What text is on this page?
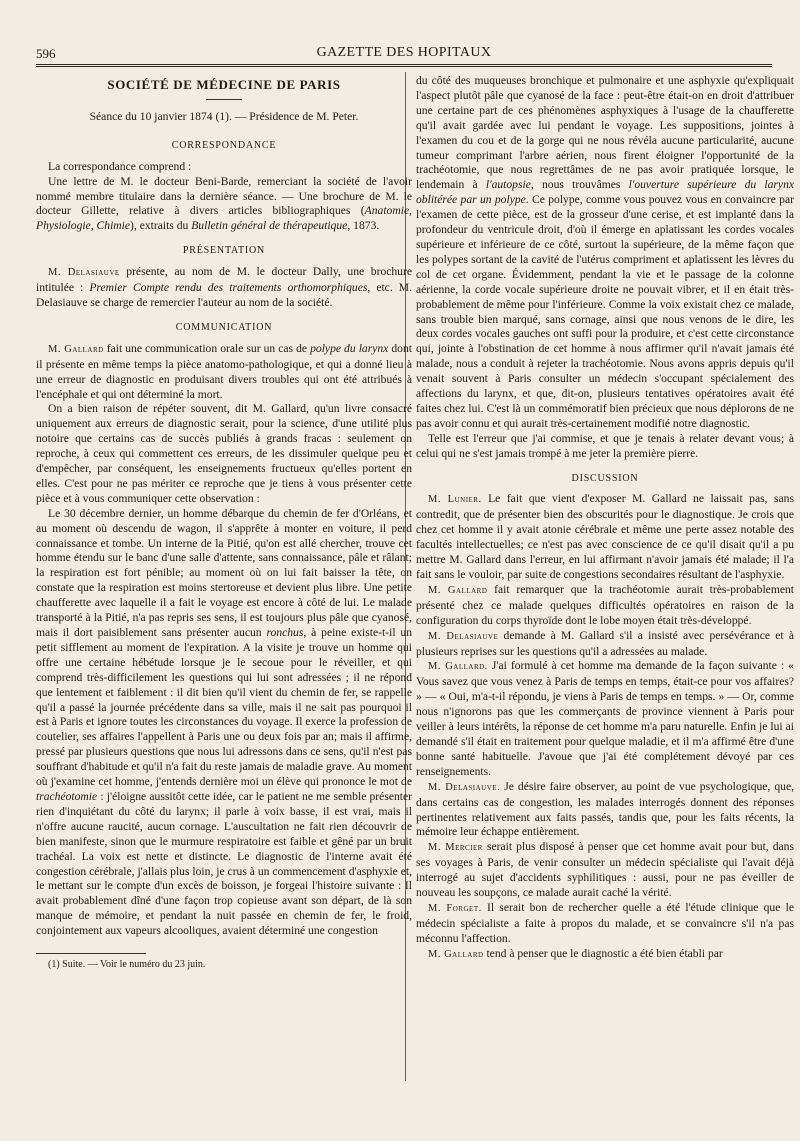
596	GAZETTE DES HOPITAUX
SOCIÉTÉ DE MÉDECINE DE PARIS
Séance du 10 janvier 1874 (1). — Présidence de M. Peter.
CORRESPONDANCE

La correspondance comprend :

Une lettre de M. le docteur Beni-Barde, remerciant la société de l'avoir nommé membre titulaire dans la dernière séance. — Une brochure de M. le docteur Gillette, relative à divers articles bibliographiques (Anatomie, Physiologie, Chimie), extraits du Bulletin général de thérapeutique, 1873.

PRÉSENTATION

M. Delasiauve présente, au nom de M. le docteur Dally, une brochure intitulée : Premier Compte rendu des traitements orthomorphiques, etc. M. Delasiauve se charge de remercier l'auteur au nom de la société.

COMMUNICATION

M. Gallard fait une communication orale sur un cas de polype du larynx dont il présente en même temps la pièce anatomo-pathologique, et qui a donné lieu à une erreur de diagnostic en produisant divers troubles qui ont été attribués à l'encéphale et qui ont déterminé la mort.

On a bien raison de répéter souvent, dit M. Gallard, qu'un livre consacré uniquement aux erreurs de diagnostic serait, pour la science, d'une utilité plus notoire que certains cas de succès publiés à grands fracas : seulement on reproche, à ceux qui commettent ces erreurs, de les dissimuler quelque peu et d'empêcher, par conséquent, les enseignements fructueux qu'elles portent en elles. C'est pour ne pas mériter ce reproche que je tiens à vous présenter cette pièce et à vous communiquer cette observation :

Le 30 décembre dernier, un homme débarque du chemin de fer d'Orléans, et au moment où descendu de wagon, il s'apprête à monter en voiture, il perd connaissance et tombe. Un interne de la Pitié, qu'on est allé chercher, trouve cet homme étendu sur le banc d'une salle d'attente, sans connaissance, pâle et râlant; la respiration est fort pénible; au moment où on lui fait baisser la tête, on constate que la respiration est moins stertoreuse et devient plus libre. Une petite chaufferette avec laquelle il a fait le voyage est encore à côté de lui. Le malade transporté à la Pitié, n'a pas repris ses sens, il est toujours plus pâle que cyanosé, mais il dort paisiblement sans présenter aucun ronchus, à peine existe-t-il un petit sifflement au moment de l'expiration. A la visite je trouve un homme qui offre une certaine hébétude lorsque je le secoue pour le réveiller, et qui comprend très-difficilement les questions qui lui sont adressées ; il ne répond que lentement et faiblement : il dit bien qu'il vient du chemin de fer, se rappelle qu'il a passé la journée précédente dans sa ville, mais il ne sait pas pourquoi il est à Paris et ignore toutes les circonstances du voyage. Il exerce la profession de coutelier, ses affaires l'appellent à Paris une ou deux fois par an; mais il affirme, pressé par plusieurs questions que nous lui adressons dans ce sens, qu'il n'est pas souffrant d'habitude et qu'il n'a fait du reste jamais de maladie grave. Au moment où j'examine cet homme, j'entends dernière moi un élève qui prononce le mot de trachéotomie : j'éloigne aussitôt cette idée, car le patient ne me semble présenter rien d'inquiétant du côté du larynx; il parle à voix basse, il est vrai, mais il n'offre aucune raucité, aucun cornage. L'auscultation ne fait rien découvrir de bien manifeste, sinon que le murmure respiratoire est faible et gêné par un bruit trachéal. La voix est nette et distincte. Le diagnostic de l'interne avait été congestion cérébrale, j'allais plus loin, je crus à un commencement d'asphyxie et, le mettant sur le compte d'un excès de boisson, je forgeai l'histoire suivante : Il avait probablement dîné d'une façon trop copieuse avant son départ, de là son manque de mémoire, et pendant la nuit passée en chemin de fer, le froid, conjointement aux vapeurs alcooliques, avaient déterminé une congestion

(1) Suite. — Voir le numéro du 23 juin.

du côté des muqueuses bronchique et pulmonaire et une asphyxie qu'expliquait l'aspect plutôt pâle que cyanosé de la face : peut-être était-on en droit d'attribuer une certaine part de ces phénomènes asphyxiques à l'usage de la chaufferette qu'il avait gardée avec lui pendant le voyage. Les suppositions, jointes à l'examen du cou et de la gorge qui ne nous révéla aucune particularité, aucune tumeur comprimant l'arbre aérien, nous firent éloigner l'opportunité de la trachéotomie, que nous regrettâmes de ne pas avoir pratiquée lorsque, le lendemain à l'autopsie, nous trouvâmes l'ouverture supérieure du larynx oblitérée par un polype. Ce polype, comme vous pouvez vous en convaincre par l'examen de cette pièce, est de la grosseur d'une cerise, et est implanté dans la profondeur du ventricule droit, d'où il émerge en aplatissant les cordes vocales supérieure et inférieure de ce côté, surtout la supérieure, de la même façon que les polypes sortant de la cavité de l'utérus compriment et aplatissent les lèvres du col de cet organe. Évidemment, pendant la vie et le passage de la colonne aérienne, la corde vocale supérieure droite ne pouvait vibrer, et il en était très-probablement de même pour l'inférieure. Comme la voix existait chez ce malade, sans trouble bien marqué, sans cornage, ainsi que nous venons de le dire, les deux cordes vocales gauches ont suffi pour la produire, et c'est cette circonstance qui, jointe à l'obstination de cet homme à nous affirmer qu'il n'avait jamais été malade, nous a conduit à rejeter la trachéotomie. Nous avons appris depuis qu'il venait souvent à Paris consulter un médecin s'occupant spécialement des affections du larynx, et que, dit-on, plusieurs tentatives opératoires avait été faites chez lui. C'est là un commémoratif bien précieux que nous déplorons de ne pas avoir connu et qui aurait très-certainement modifié notre diagnostic.

Telle est l'erreur que j'ai commise, et que je tenais à relater devant vous; à celui qui ne s'est jamais trompé à me jeter la première pierre.

DISCUSSION

M. Lunier. Le fait que vient d'exposer M. Gallard ne laissait pas, sans contredit, que de présenter bien des obscurités pour le diagnostique. Je crois que chez cet homme il y avait atonie cérébrale et même une perte assez notable des facultés intellectuelles; ce n'est pas avec conscience de ce qu'il disait qu'il a pu mettre M. Gallard dans l'erreur, en lui affirmant n'avoir jamais été malade; il l'a fait sans le vouloir, par suite de congestions secondaires résultant de l'asphyxie.

M. Gallard fait remarquer que la trachéotomie aurait très-probablement présenté chez ce malade quelques difficultés opératoires en raison de la configuration du corps thyroïde dont le lobe moyen était très-développé.

M. Delasiauve demande à M. Gallard s'il a insisté avec persévérance et à plusieurs reprises sur les questions qu'il a adressées au malade.

M. Gallard. J'ai formulé à cet homme ma demande de la façon suivante : « Vous savez que vous venez à Paris de temps en temps, était-ce pour vos affaires? » — « Oui, m'a-t-il répondu, je viens à Paris de temps en temps. » — Or, comme nous n'ignorons pas que les commerçants de province viennent à Paris pour veiller à leurs intérêts, la réponse de cet homme m'a paru naturelle. Enfin je lui ai demandé s'il était en traitement pour quelque maladie, et il m'a affirmé être d'une bonne santé habituelle. J'avoue que j'ai été complétement dévoyé par ces renseignements.

M. Delasiauve. Je désire faire observer, au point de vue psychologique, que, dans certains cas de congestion, les malades interrogés donnent des réponses pertinentes relativement aux faits passés, tandis que, pour les faits récents, la mémoire leur échappe entièrement.

M. Mercier serait plus disposé à penser que cet homme avait pour but, dans ses voyages à Paris, de venir consulter un médecin spécialiste qui l'avait déjà interrogé au sujet d'accidents syphilitiques : aussi, pour ne pas éveiller de nouveau les soupçons, ce malade aurait caché la vérité.

M. Forget. Il serait bon de rechercher quelle a été l'étude clinique que le médecin spécialiste a faite à propos du malade, et se convaincre s'il n'a pas méconnu l'affection.

M. Gallard tend à penser que le diagnostic a été bien établi par
